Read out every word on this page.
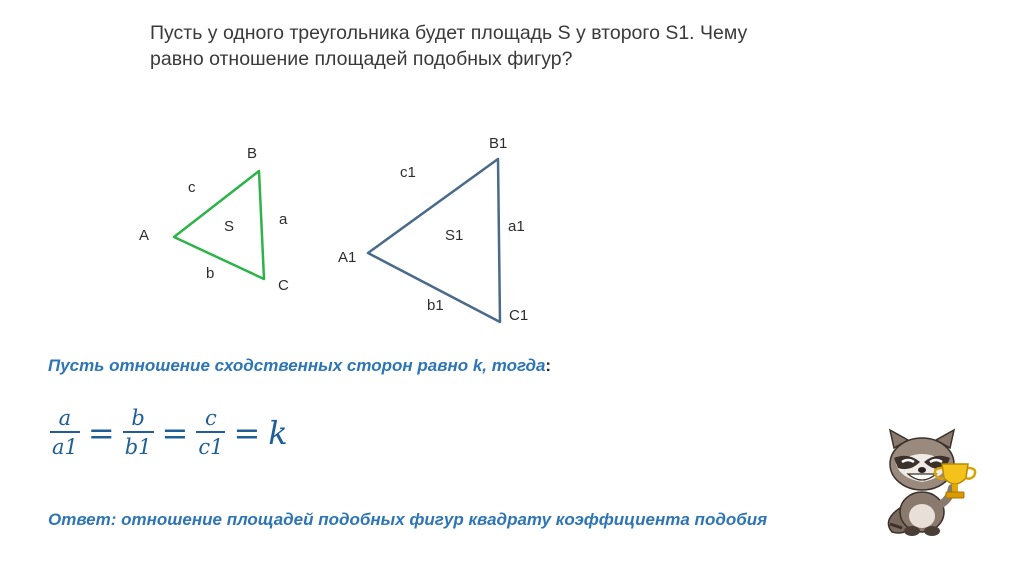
Пусть у одного треугольника будет площадь S у второго S1. Чему
равно отношение площадей подобных фигур?
B
A
C
c
a
b
S
B1
A1
C1
c1
a1
b1
S1
Пусть отношение сходственных сторон равно k, тогда:
$\frac{a}{a1} = \frac{b}{b1} = \frac{c}{c1} = k$
Ответ: отношение площадей подобных фигур квадрату коэффициента подобия
